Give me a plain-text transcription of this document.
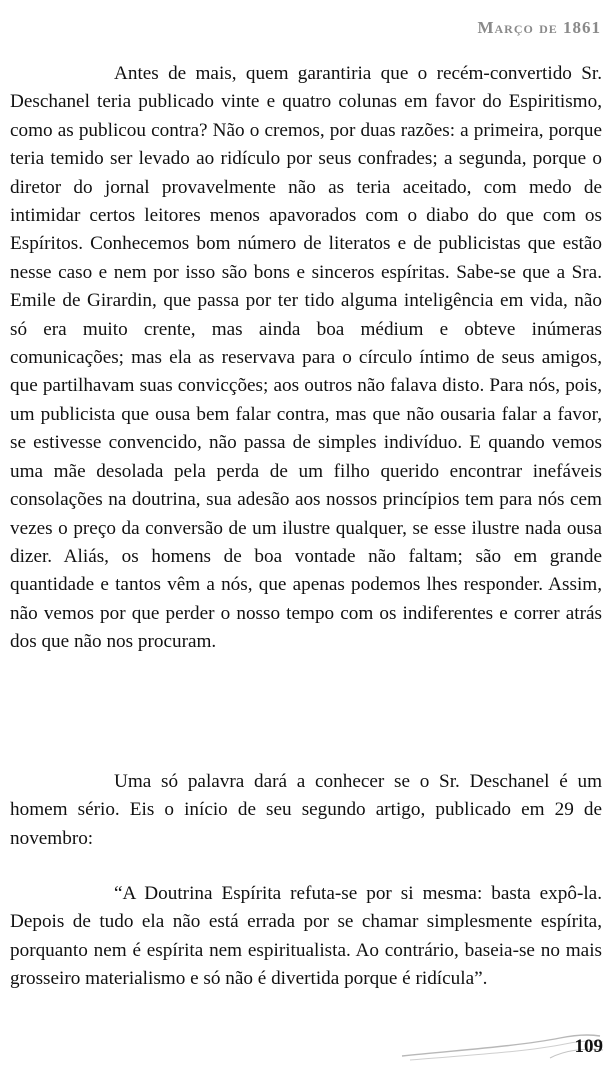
Março de 1861

Antes de mais, quem garantiria que o recém-convertido Sr. Deschanel teria publicado vinte e quatro colunas em favor do Espiritismo, como as publicou contra? Não o cremos, por duas razões: a primeira, porque teria temido ser levado ao ridículo por seus confrades; a segunda, porque o diretor do jornal provavelmente não as teria aceitado, com medo de intimidar certos leitores menos apavorados com o diabo do que com os Espíritos. Conhecemos bom número de literatos e de publicistas que estão nesse caso e nem por isso são bons e sinceros espíritas. Sabe-se que a Sra. Emile de Girardin, que passa por ter tido alguma inteligência em vida, não só era muito crente, mas ainda boa médium e obteve inúmeras comunicações; mas ela as reservava para o círculo íntimo de seus amigos, que partilhavam suas convicções; aos outros não falava disto. Para nós, pois, um publicista que ousa bem falar contra, mas que não ousaria falar a favor, se estivesse convencido, não passa de simples indivíduo. E quando vemos uma mãe desolada pela perda de um filho querido encontrar inefáveis consolações na doutrina, sua adesão aos nossos princípios tem para nós cem vezes o preço da conversão de um ilustre qualquer, se esse ilustre nada ousa dizer. Aliás, os homens de boa vontade não faltam; são em grande quantidade e tantos vêm a nós, que apenas podemos lhes responder. Assim, não vemos por que perder o nosso tempo com os indiferentes e correr atrás dos que não nos procuram.

Uma só palavra dará a conhecer se o Sr. Deschanel é um homem sério. Eis o início de seu segundo artigo, publicado em 29 de novembro:

“A Doutrina Espírita refuta-se por si mesma: basta expô-la. Depois de tudo ela não está errada por se chamar simplesmente espírita, porquanto nem é espírita nem espiritualista. Ao contrário, baseia-se no mais grosseiro materialismo e só não é divertida porque é ridícula”.

109
